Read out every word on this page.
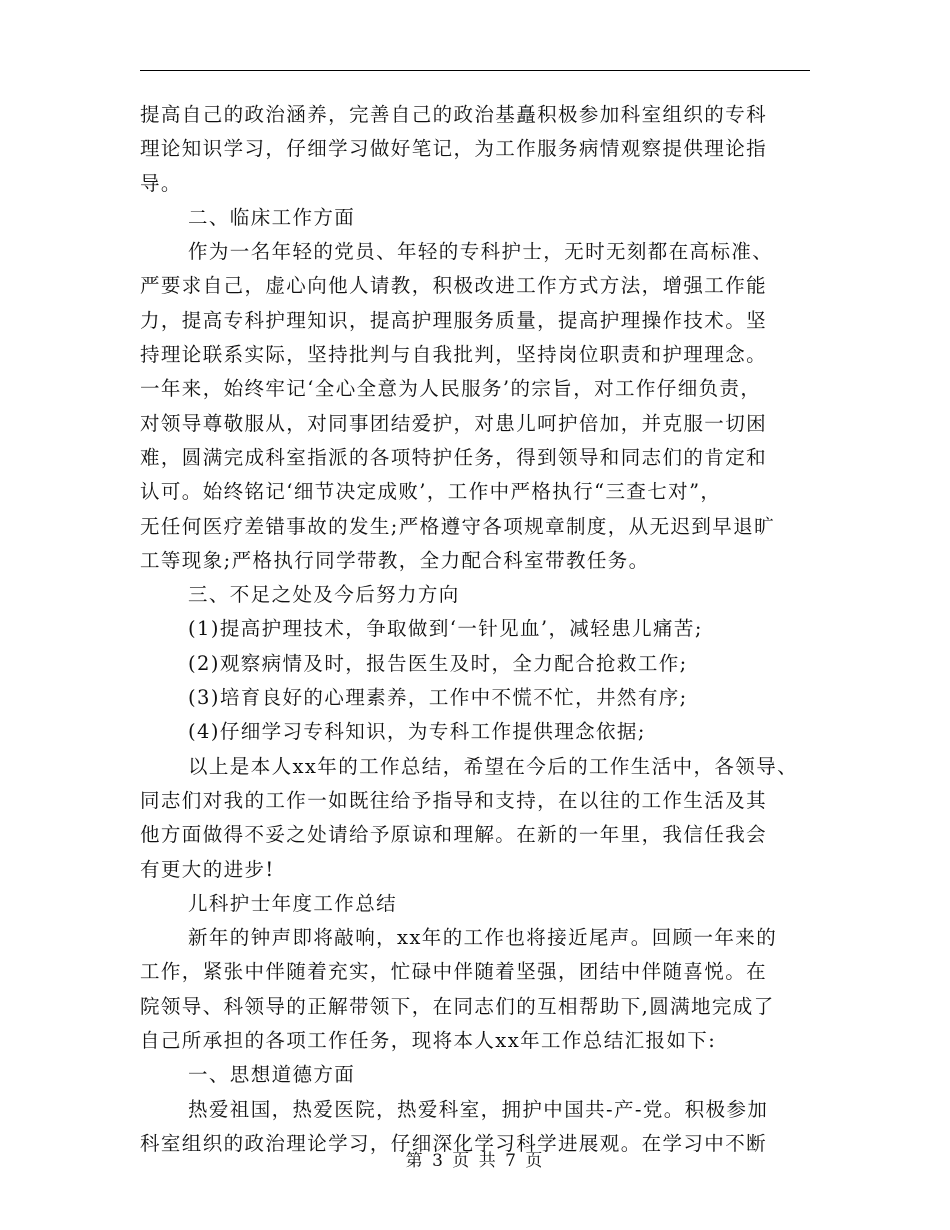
提高自己的政治涵养，完善自己的政治基矗积极参加科室组织的专科
理论知识学习，仔细学习做好笔记，为工作服务病情观察提供理论指
导。
二、临床工作方面
作为一名年轻的党员、年轻的专科护士，无时无刻都在高标准、
严要求自己，虚心向他人请教，积极改进工作方式方法，增强工作能
力，提高专科护理知识，提高护理服务质量，提高护理操作技术。坚
持理论联系实际，坚持批判与自我批判，坚持岗位职责和护理理念。
一年来，始终牢记‘全心全意为人民服务’的宗旨，对工作仔细负责，
对领导尊敬服从，对同事团结爱护，对患儿呵护倍加，并克服一切困
难，圆满完成科室指派的各项特护任务，得到领导和同志们的肯定和
认可。始终铭记‘细节决定成败’，工作中严格执行“三查七对”，
无任何医疗差错事故的发生;严格遵守各项规章制度，从无迟到早退旷
工等现象;严格执行同学带教，全力配合科室带教任务。
三、不足之处及今后努力方向
(1)提高护理技术，争取做到‘一针见血’，减轻患儿痛苦;
(2)观察病情及时，报告医生及时，全力配合抢救工作;
(3)培育良好的心理素养，工作中不慌不忙，井然有序;
(4)仔细学习专科知识，为专科工作提供理念依据;
以上是本人xx年的工作总结，希望在今后的工作生活中，各领导、
同志们对我的工作一如既往给予指导和支持，在以往的工作生活及其
他方面做得不妥之处请给予原谅和理解。在新的一年里，我信任我会
有更大的进步!
儿科护士年度工作总结
新年的钟声即将敲响，xx年的工作也将接近尾声。回顾一年来的
工作，紧张中伴随着充实，忙碌中伴随着坚强，团结中伴随喜悦。在
院领导、科领导的正解带领下，在同志们的互相帮助下,圆满地完成了
自己所承担的各项工作任务，现将本人xx年工作总结汇报如下:
一、思想道德方面
热爱祖国，热爱医院，热爱科室，拥护中国共-产-党。积极参加
科室组织的政治理论学习，仔细深化学习科学进展观。在学习中不断
第 3 页 共 7 页
